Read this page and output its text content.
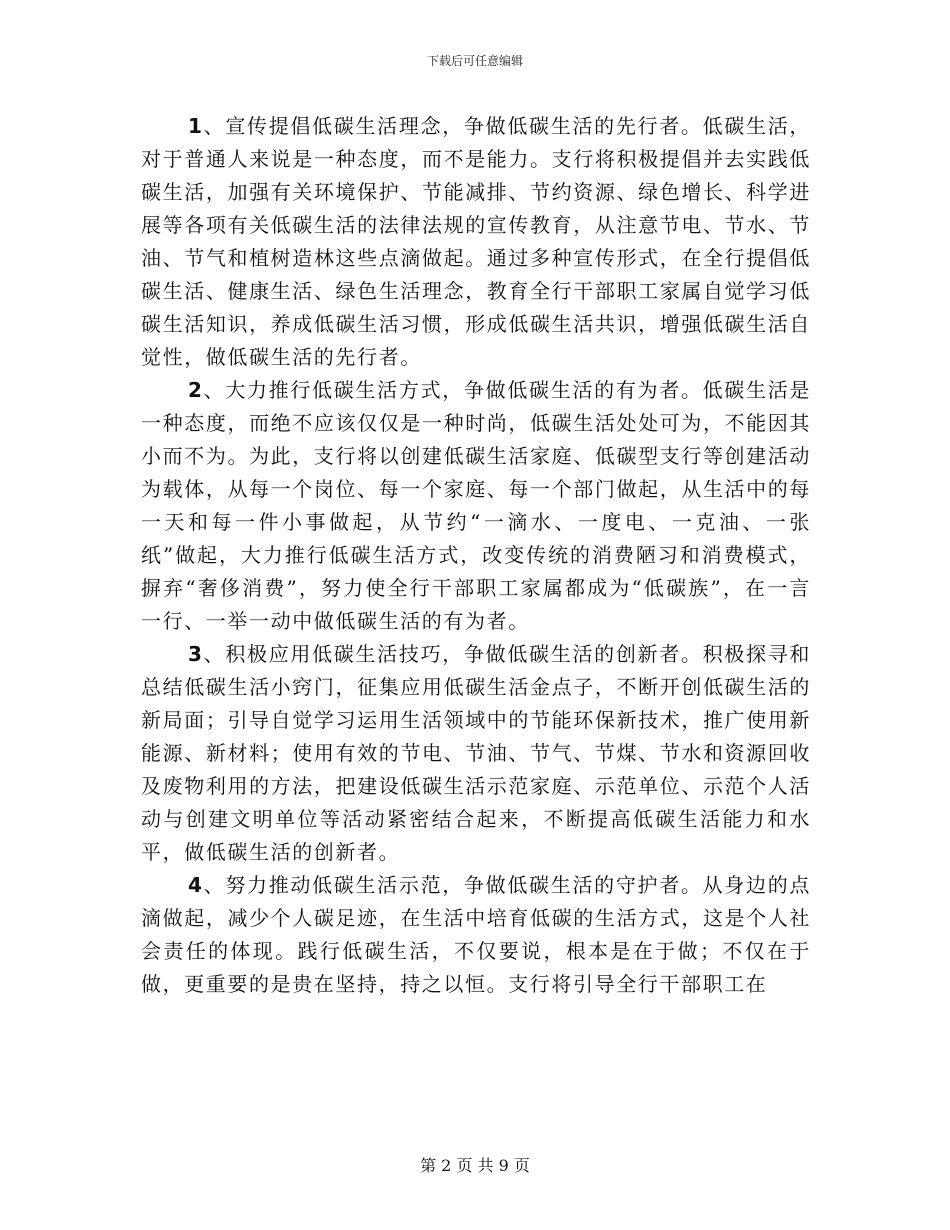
下载后可任意编辑

1、宣传提倡低碳生活理念，争做低碳生活的先行者。低碳生活，对于普通人来说是一种态度，而不是能力。支行将积极提倡并去实践低碳生活，加强有关环境保护、节能减排、节约资源、绿色增长、科学进展等各项有关低碳生活的法律法规的宣传教育，从注意节电、节水、节油、节气和植树造林这些点滴做起。通过多种宣传形式，在全行提倡低碳生活、健康生活、绿色生活理念，教育全行干部职工家属自觉学习低碳生活知识，养成低碳生活习惯，形成低碳生活共识，增强低碳生活自觉性，做低碳生活的先行者。

2、大力推行低碳生活方式，争做低碳生活的有为者。低碳生活是一种态度，而绝不应该仅仅是一种时尚，低碳生活处处可为，不能因其小而不为。为此，支行将以创建低碳生活家庭、低碳型支行等创建活动为载体，从每一个岗位、每一个家庭、每一个部门做起，从生活中的每一天和每一件小事做起，从节约“一滴水、一度电、一克油、一张纸”做起，大力推行低碳生活方式，改变传统的消费陋习和消费模式，摒弃“奢侈消费”，努力使全行干部职工家属都成为“低碳族”，在一言一行、一举一动中做低碳生活的有为者。

3、积极应用低碳生活技巧，争做低碳生活的创新者。积极探寻和总结低碳生活小窍门，征集应用低碳生活金点子，不断开创低碳生活的新局面；引导自觉学习运用生活领域中的节能环保新技术，推广使用新能源、新材料；使用有效的节电、节油、节气、节煤、节水和资源回收及废物利用的方法，把建设低碳生活示范家庭、示范单位、示范个人活动与创建文明单位等活动紧密结合起来，不断提高低碳生活能力和水平，做低碳生活的创新者。

4、努力推动低碳生活示范，争做低碳生活的守护者。从身边的点滴做起，减少个人碳足迹，在生活中培育低碳的生活方式，这是个人社会责任的体现。践行低碳生活，不仅要说，根本是在于做；不仅在于做，更重要的是贵在坚持，持之以恒。支行将引导全行干部职工在

第 2 页 共 9 页
